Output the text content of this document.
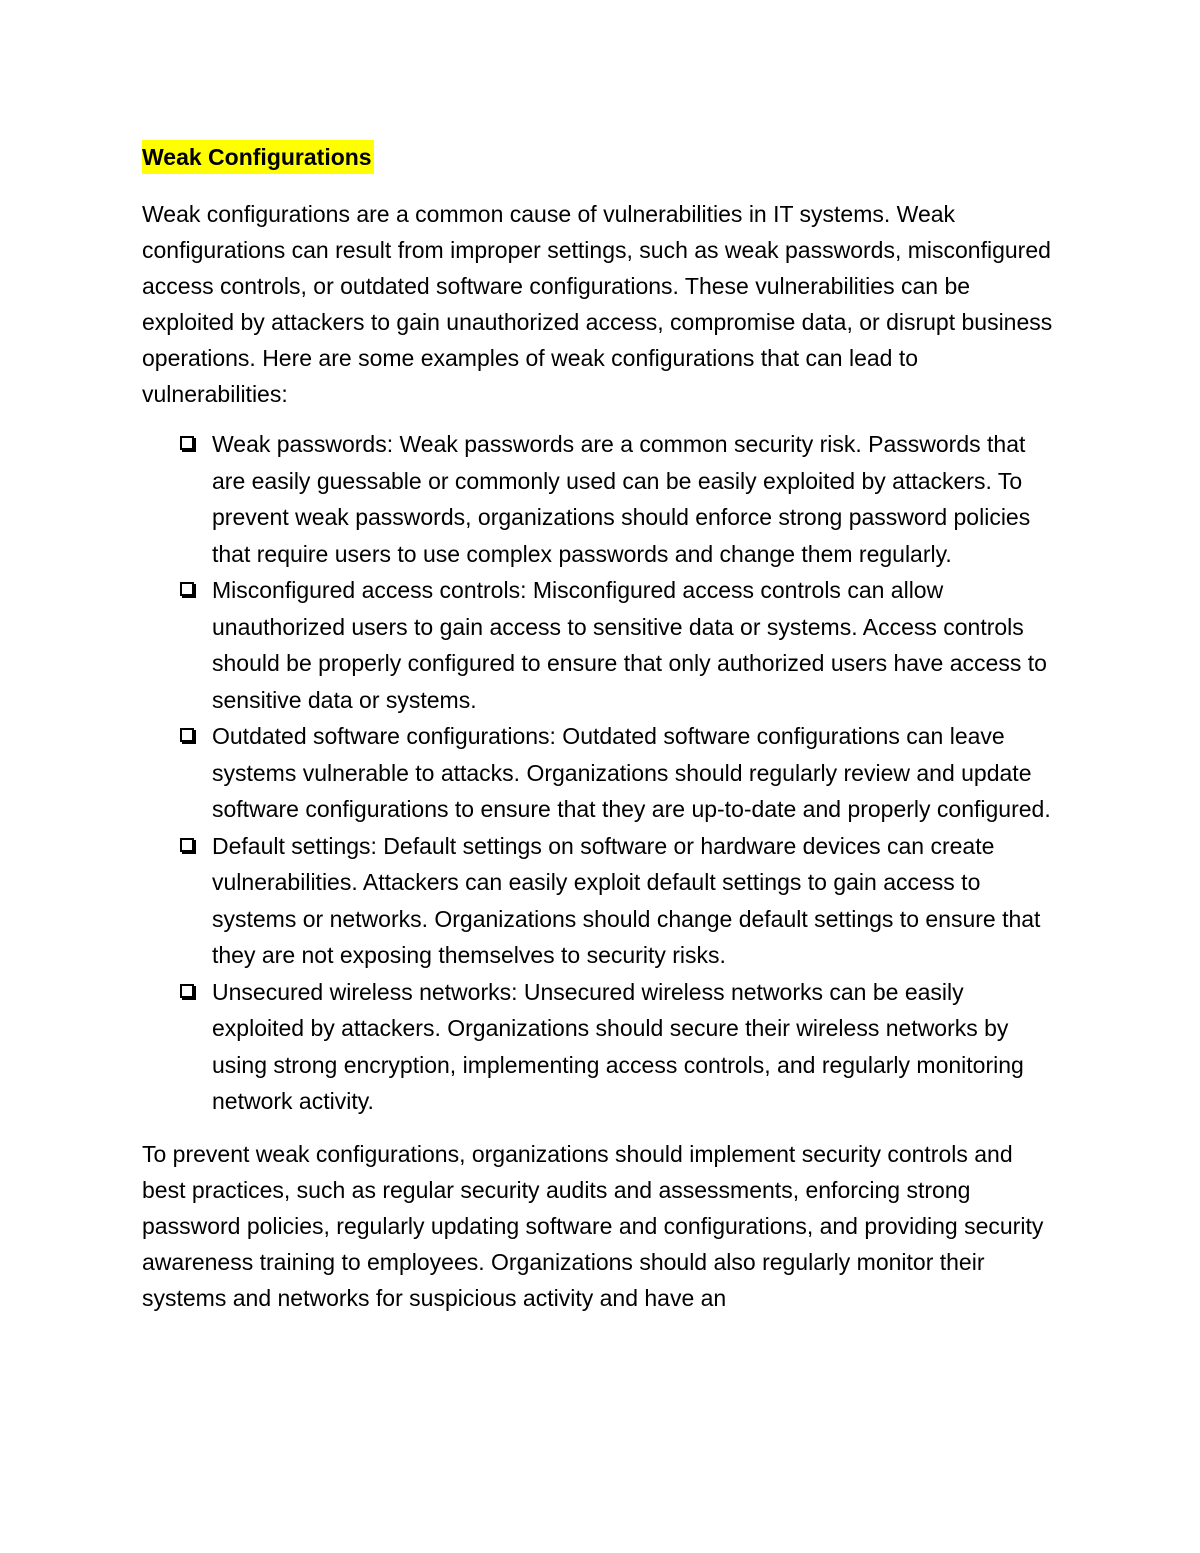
Weak Configurations

Weak configurations are a common cause of vulnerabilities in IT systems. Weak configurations can result from improper settings, such as weak passwords, misconfigured access controls, or outdated software configurations. These vulnerabilities can be exploited by attackers to gain unauthorized access, compromise data, or disrupt business operations. Here are some examples of weak configurations that can lead to vulnerabilities:

Weak passwords: Weak passwords are a common security risk. Passwords that are easily guessable or commonly used can be easily exploited by attackers. To prevent weak passwords, organizations should enforce strong password policies that require users to use complex passwords and change them regularly.
Misconfigured access controls: Misconfigured access controls can allow unauthorized users to gain access to sensitive data or systems. Access controls should be properly configured to ensure that only authorized users have access to sensitive data or systems.
Outdated software configurations: Outdated software configurations can leave systems vulnerable to attacks. Organizations should regularly review and update software configurations to ensure that they are up-to-date and properly configured.
Default settings: Default settings on software or hardware devices can create vulnerabilities. Attackers can easily exploit default settings to gain access to systems or networks. Organizations should change default settings to ensure that they are not exposing themselves to security risks.
Unsecured wireless networks: Unsecured wireless networks can be easily exploited by attackers. Organizations should secure their wireless networks by using strong encryption, implementing access controls, and regularly monitoring network activity.

To prevent weak configurations, organizations should implement security controls and best practices, such as regular security audits and assessments, enforcing strong password policies, regularly updating software and configurations, and providing security awareness training to employees. Organizations should also regularly monitor their systems and networks for suspicious activity and have an
